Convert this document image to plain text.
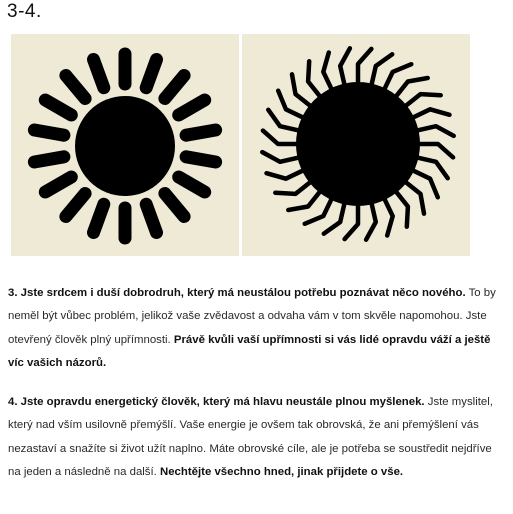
3-4.

3. Jste srdcem i duší dobrodruh, který má neustálou potřebu poznávat něco nového. To by neměl být vůbec problém, jelikož vaše zvědavost a odvaha vám v tom skvěle napomohou. Jste otevřený člověk plný upřímnosti. Právě kvůli vaší upřímnosti si vás lidé opravdu váží a ještě víc vašich názorů.

4. Jste opravdu energetický člověk, který má hlavu neustále plnou myšlenek. Jste myslitel, který nad vším usilovně přemýšlí. Vaše energie je ovšem tak obrovská, že ani přemýšlení vás nezastaví a snažíte si život užít naplno. Máte obrovské cíle, ale je potřeba se soustředit nejdříve na jeden a následně na další. Nechtějte všechno hned, jinak přijdete o vše.
